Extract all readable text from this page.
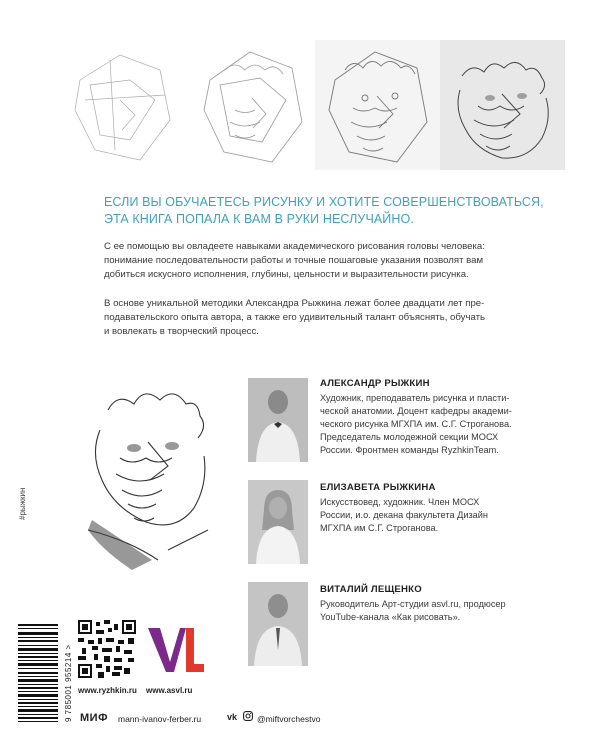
ЕСЛИ ВЫ ОБУЧАЕТЕСЬ РИСУНКУ И ХОТИТЕ СОВЕРШЕНСТВОВАТЬСЯ,
ЭТА КНИГА ПОПАЛА К ВАМ В РУКИ НЕСЛУЧАЙНО.
С ее помощью вы овладеете навыками академического рисования головы человека:
понимание последовательности работы и точные пошаговые указания позволят вам
добиться искусного исполнения, глубины, цельности и выразительности рисунка.
В основе уникальной методики Александра Рыжкина лежат более двадцати лет пре-
подавательского опыта автора, а также его удивительный талант объяснять, обучать
и вовлекать в творческий процесс.
#рыжкин
АЛЕКСАНДР РЫЖКИН
Художник, преподаватель рисунка и пласти-
ческой анатомии. Доцент кафедры академи-
ческого рисунка МГХПА им. С.Г. Строганова.
Председатель молодежной секции МОСХ
России. Фронтмен команды RyzhkinTeam.
ЕЛИЗАВЕТА РЫЖКИНА
Искусствовед, художник. Член МОСХ
России, и.о. декана факультета Дизайн
МГХПА им С.Г. Строганова.
ВИТАЛИЙ ЛЕЩЕНКО
Руководитель Арт-студии asvl.ru, продюсер
YouTube-канала «Как рисовать».
9 785001 955214 > www.ryzhkin.ru www.asvl.ru
МИФ mann-ivanov-ferber.ru	vk @miftvorchestvo
